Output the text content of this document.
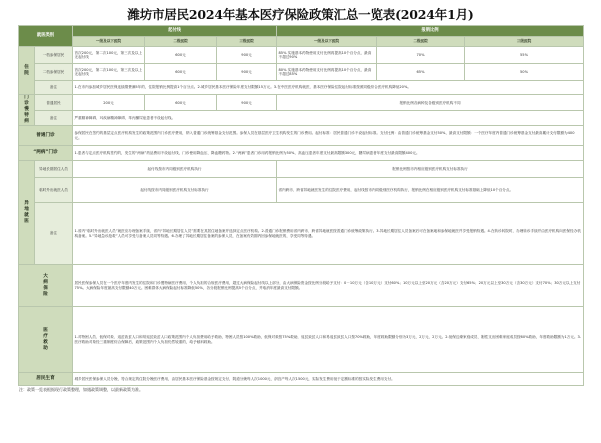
潍坊市居民2024年基本医疗保险政策汇总一览表(2024年1月)
就医类别		起付线			报销比例		
		一级及以下医院	二级医院	三级医院	一级及以下医院	二级医院	三级医院
住院	一档参保居民	首次200元，第二次100元，第三次及以上无起付线	600元	900元	85% 实施基本药物使用支付比例再提高10个百分点，最高不超过90%	70%	55%
	二档参保居民	首次200元，第二次100元，第三次及以上无起付线	600元	900元	80% 实施基本药物使用支付比例再提高10个百分点，最高不超过85%	65%	50%
	备注	1.在市内参加城乡居民医保连续缴费满5年的，住院报销比例提高1个百分点。2.城乡居民基本医疗保险年度支付限额15万元。3.在中医医疗机构就医，基本医疗保险住院起付标准按照同级综合医疗机构降低20%。					
门诊慢特病	普通居民	200元	600元	900元	报销比例各病种及各级别医疗机构不同		
	备注	严重精神障碍、耳疾病精神障碍、苯丙酮尿症患者不设起付线。					
普通门诊		参保居民在签约的基层定点医疗机构发生的政策范围内门诊医疗费用，纳入普通门诊统筹基金支付范围。参保人员在基层医疗卫生机构发生的门诊费用。起付标准：居民普通门诊不设起付标准。支付比例：由普通门诊统筹基金支付50%，最高支付限额：一个医疗年度内普通门诊统筹基金支付最高累计支付限额为400元。					
“两病”门诊		1.患者与定点医疗机构签约的，发生的“两病”药品费用不设起付线，门诊使用降血压、降血糖药物。2.“两病”患者门诊用药报销比例为50%，高血压患者年度支付最高限额300元，糖尿病患者年度支付最高限额400元。					
异地就医	异地长期居住人员	起付线按市内同级别医疗机构执行			报销比例按市内相应级别医疗机构支付标准执行		
	临时外出就医人员	起付线按市内同级别医疗机构支付标准执行			省内跨市、跨省异地就医发生的住院医疗费用，起付线按市内同级别医疗机构执行，报销比例在相应级别医疗机构支付标准基础上降低10个百分点。		
	备注	1.省内“临时外出就医人员”就医应办理备案手续，省内“异地长期居住人员”需要在其居住地备案并选择定点医疗机构。2.普通门诊报销费用省内跨市、跨省异地就医按普通门诊统筹政策执行。3.异地长期居住人员备案后可在备案地和参保地就医并享受报销待遇。4.在转诊转院时，办理转诊手续并由医疗机构向医保经办机构备案。5.“异地急诊抢救”人员可享受与备案人员同等待遇。6.办理了异地长期居住备案的参保人员，在备案有效期内回参保地就医的，享受同等待遇。					
大病保险		居民医保参保人员在一个医疗年度内发生的住院和门诊慢特病医疗费用，个人负担的合规医疗费用，超过大病保险起付线以上部分，由大病保险资金按比例分段给予支付：0－10万元（含10万元）支付60%；10万元以上至20万元（含20万元）支付65%；20万元以上至30万元（含30万元）支付70%；30万元以上支付75%。大病保险年度最高支付限额40万元。困难群体大病保险起付标准降低50%，各分段报销比例提高5个百分点，并取消年度最高支付限额。					
医疗救助		1.对特困人员、低保对象、返贫致贫人口和易返贫致贫人口政策范围内个人负担费用给予救助，特困人员按100%救助，低保对象按75%救助，返贫致贫人口和易返贫致贫人口按70%救助，年度救助限额分别为3万元、2万元、2万元。2.低保边缘家庭成员、刚性支出困难家庭成员按60%救助，年度救助限额为1万元。3.医疗救助对象经三重制度综合保障后，政策范围内个人负担仍然较重的，给予倾斜救助。					
居民生育		城乡居民医保参保人员分娩，符合规定的住院分娩医疗费用，由居民基本医疗保险基金按规定支付，阴道分娩每人次1000元、剖宫产每人次1500元，实际发生费用低于定额标准的按实际发生费用支付。					
注：政策一览表根据现行政策整理，如遇政策调整，以最新政策为准。
